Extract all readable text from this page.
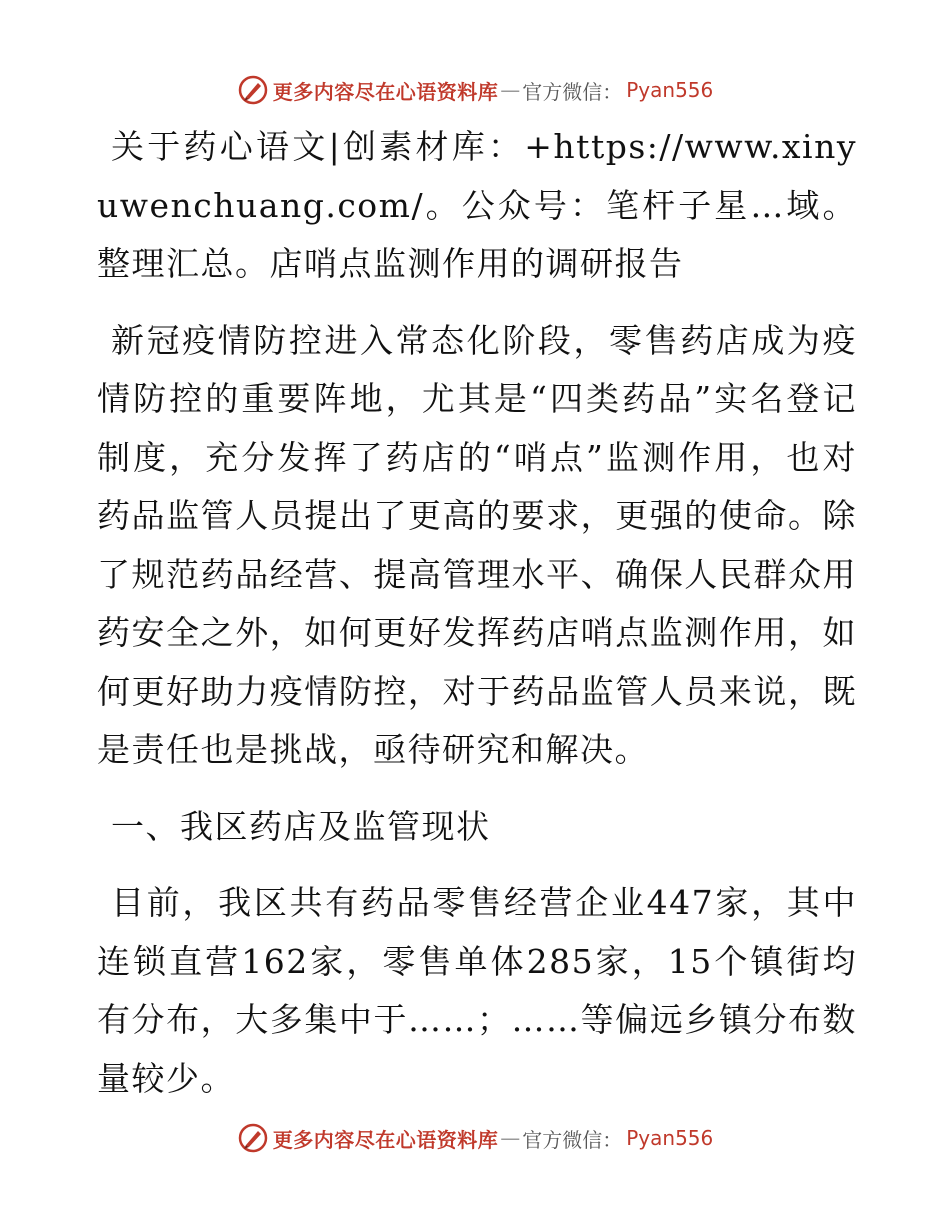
更多内容尽在心语资料库 — 官方微信： Pyan556

关于药心语文|创素材库：+https://www.xinyuwenchuang.com/。公众号：笔杆子星…域。整理汇总。店哨点监测作用的调研报告

新冠疫情防控进入常态化阶段，零售药店成为疫情防控的重要阵地，尤其是“四类药品”实名登记制度，充分发挥了药店的“哨点”监测作用，也对药品监管人员提出了更高的要求，更强的使命。除了规范药品经营、提高管理水平、确保人民群众用药安全之外，如何更好发挥药店哨点监测作用，如何更好助力疫情防控，对于药品监管人员来说，既是责任也是挑战，亟待研究和解决。

一、我区药店及监管现状

目前，我区共有药品零售经营企业447家，其中连锁直营162家，零售单体285家，15个镇街均有分布，大多集中于……；……等偏远乡镇分布数量较少。

更多内容尽在心语资料库 — 官方微信： Pyan556
